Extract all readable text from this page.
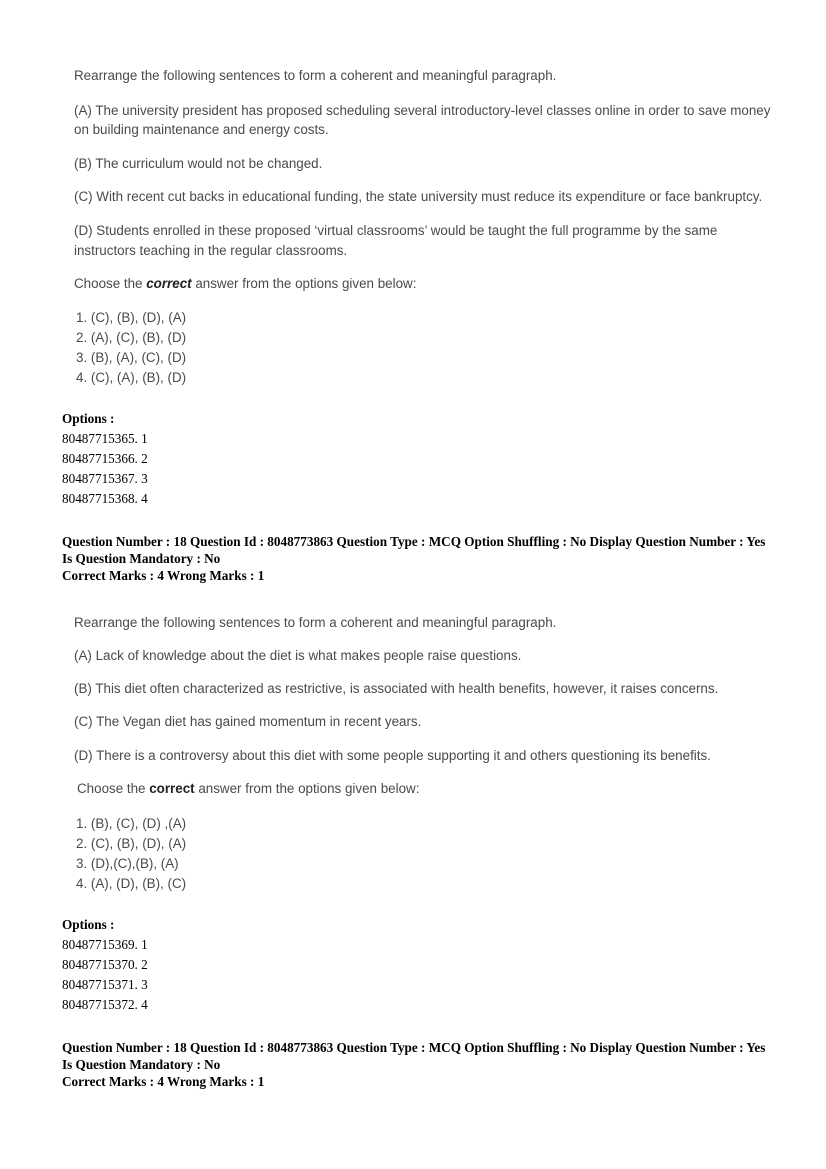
Rearrange the following sentences to form a coherent and meaningful paragraph.
(A) The university president has proposed scheduling several introductory-level classes online in order to save money
on building maintenance and energy costs.
(B) The curriculum would not be changed.
(C) With recent cut backs in educational funding, the state university must reduce its expenditure or face bankruptcy.
(D) Students enrolled in these proposed ‘virtual classrooms’ would be taught the full programme by the same
instructors teaching in the regular classrooms.
Choose the correct answer from the options given below:
1. (C), (B), (D), (A)
2. (A), (C), (B), (D)
3. (B), (A), (C), (D)
4. (C), (A), (B), (D)
Options :
80487715365. 1
80487715366. 2
80487715367. 3
80487715368. 4
Question Number : 18 Question Id : 8048773863 Question Type : MCQ Option Shuffling : No Display Question Number : Yes
Is Question Mandatory : No
Correct Marks : 4 Wrong Marks : 1
Rearrange the following sentences to form a coherent and meaningful paragraph.
(A) Lack of knowledge about the diet is what makes people raise questions.
(B) This diet often characterized as restrictive, is associated with health benefits, however, it raises concerns.
(C) The Vegan diet has gained momentum in recent years.
(D) There is a controversy about this diet with some people supporting it and others questioning its benefits.
Choose the correct answer from the options given below:
1. (B), (C), (D) ,(A)
2. (C), (B), (D), (A)
3. (D),(C),(B), (A)
4. (A), (D), (B), (C)
Options :
80487715369. 1
80487715370. 2
80487715371. 3
80487715372. 4
Question Number : 18 Question Id : 8048773863 Question Type : MCQ Option Shuffling : No Display Question Number : Yes
Is Question Mandatory : No
Correct Marks : 4 Wrong Marks : 1
